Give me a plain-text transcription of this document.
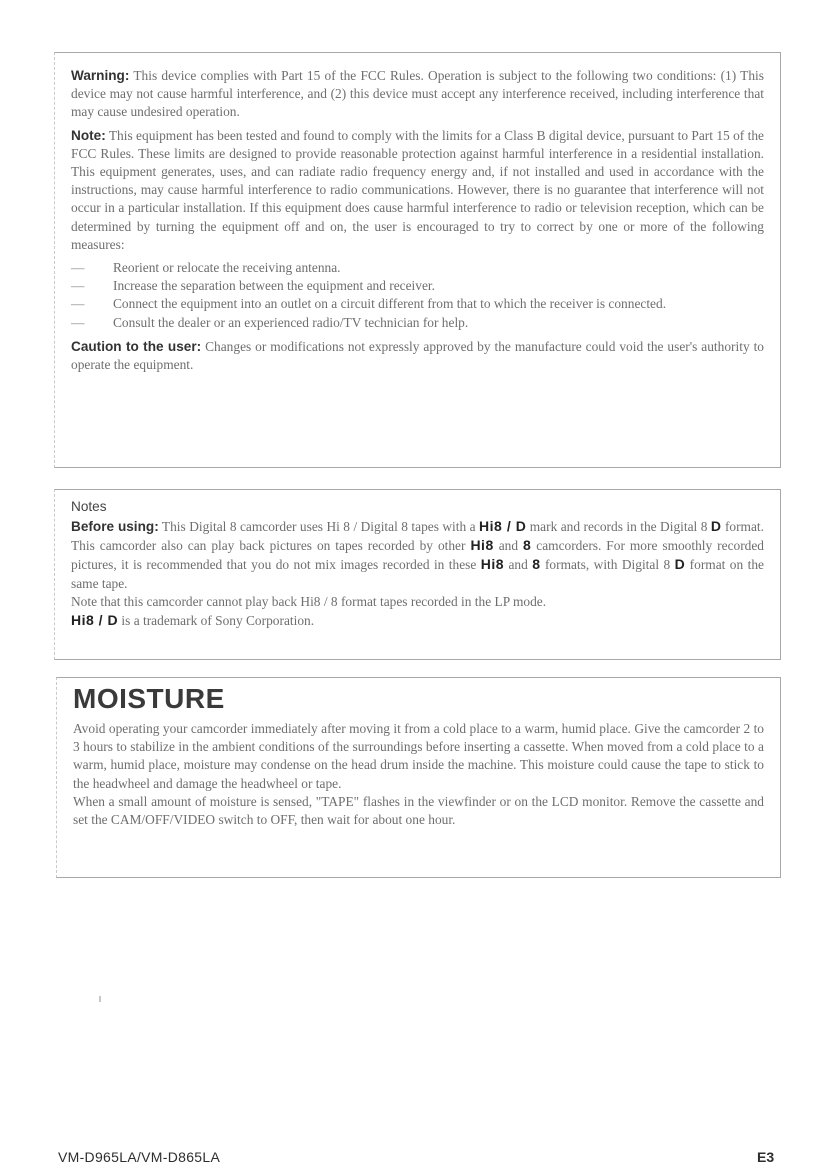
Warning: This device complies with Part 15 of the FCC Rules. Operation is subject to the following two conditions: (1) This device may not cause harmful interference, and (2) this device must accept any interference received, including interference that may cause undesired operation.

Note: This equipment has been tested and found to comply with the limits for a Class B digital device, pursuant to Part 15 of the FCC Rules. These limits are designed to provide reasonable protection against harmful interference in a residential installation. This equipment generates, uses, and can radiate radio frequency energy and, if not installed and used in accordance with the instructions, may cause harmful interference to radio communications. However, there is no guarantee that interference will not occur in a particular installation. If this equipment does cause harmful interference to radio or television reception, which can be determined by turning the equipment off and on, the user is encouraged to try to correct by one or more of the following measures:

— Reorient or relocate the receiving antenna.
— Increase the separation between the equipment and receiver.
— Connect the equipment into an outlet on a circuit different from that to which the receiver is connected.
— Consult the dealer or an experienced radio/TV technician for help.

Caution to the user: Changes or modifications not expressly approved by the manufacture could void the user's authority to operate the equipment.

Notes

Before using: This Digital 8 camcorder uses Hi 8 / Digital 8 tapes with a Hi8 / D mark and records in the Digital 8 D format. This camcorder also can play back pictures on tapes recorded by other Hi8 and 8 camcorders. For more smoothly recorded pictures, it is recommended that you do not mix images recorded in these Hi8 and 8 formats, with Digital 8 D format on the same tape.

Note that this camcorder cannot play back Hi8 / 8 format tapes recorded in the LP mode.

Hi8 / D is a trademark of Sony Corporation.

MOISTURE

Avoid operating your camcorder immediately after moving it from a cold place to a warm, humid place. Give the camcorder 2 to 3 hours to stabilize in the ambient conditions of the surroundings before inserting a cassette. When moved from a cold place to a warm, humid place, moisture may condense on the head drum inside the machine. This moisture could cause the tape to stick to the headwheel and damage the headwheel or tape.

When a small amount of moisture is sensed, "TAPE" flashes in the viewfinder or on the LCD monitor. Remove the cassette and set the CAM/OFF/VIDEO switch to OFF, then wait for about one hour.

VM-D965LA/VM-D865LA	E3
